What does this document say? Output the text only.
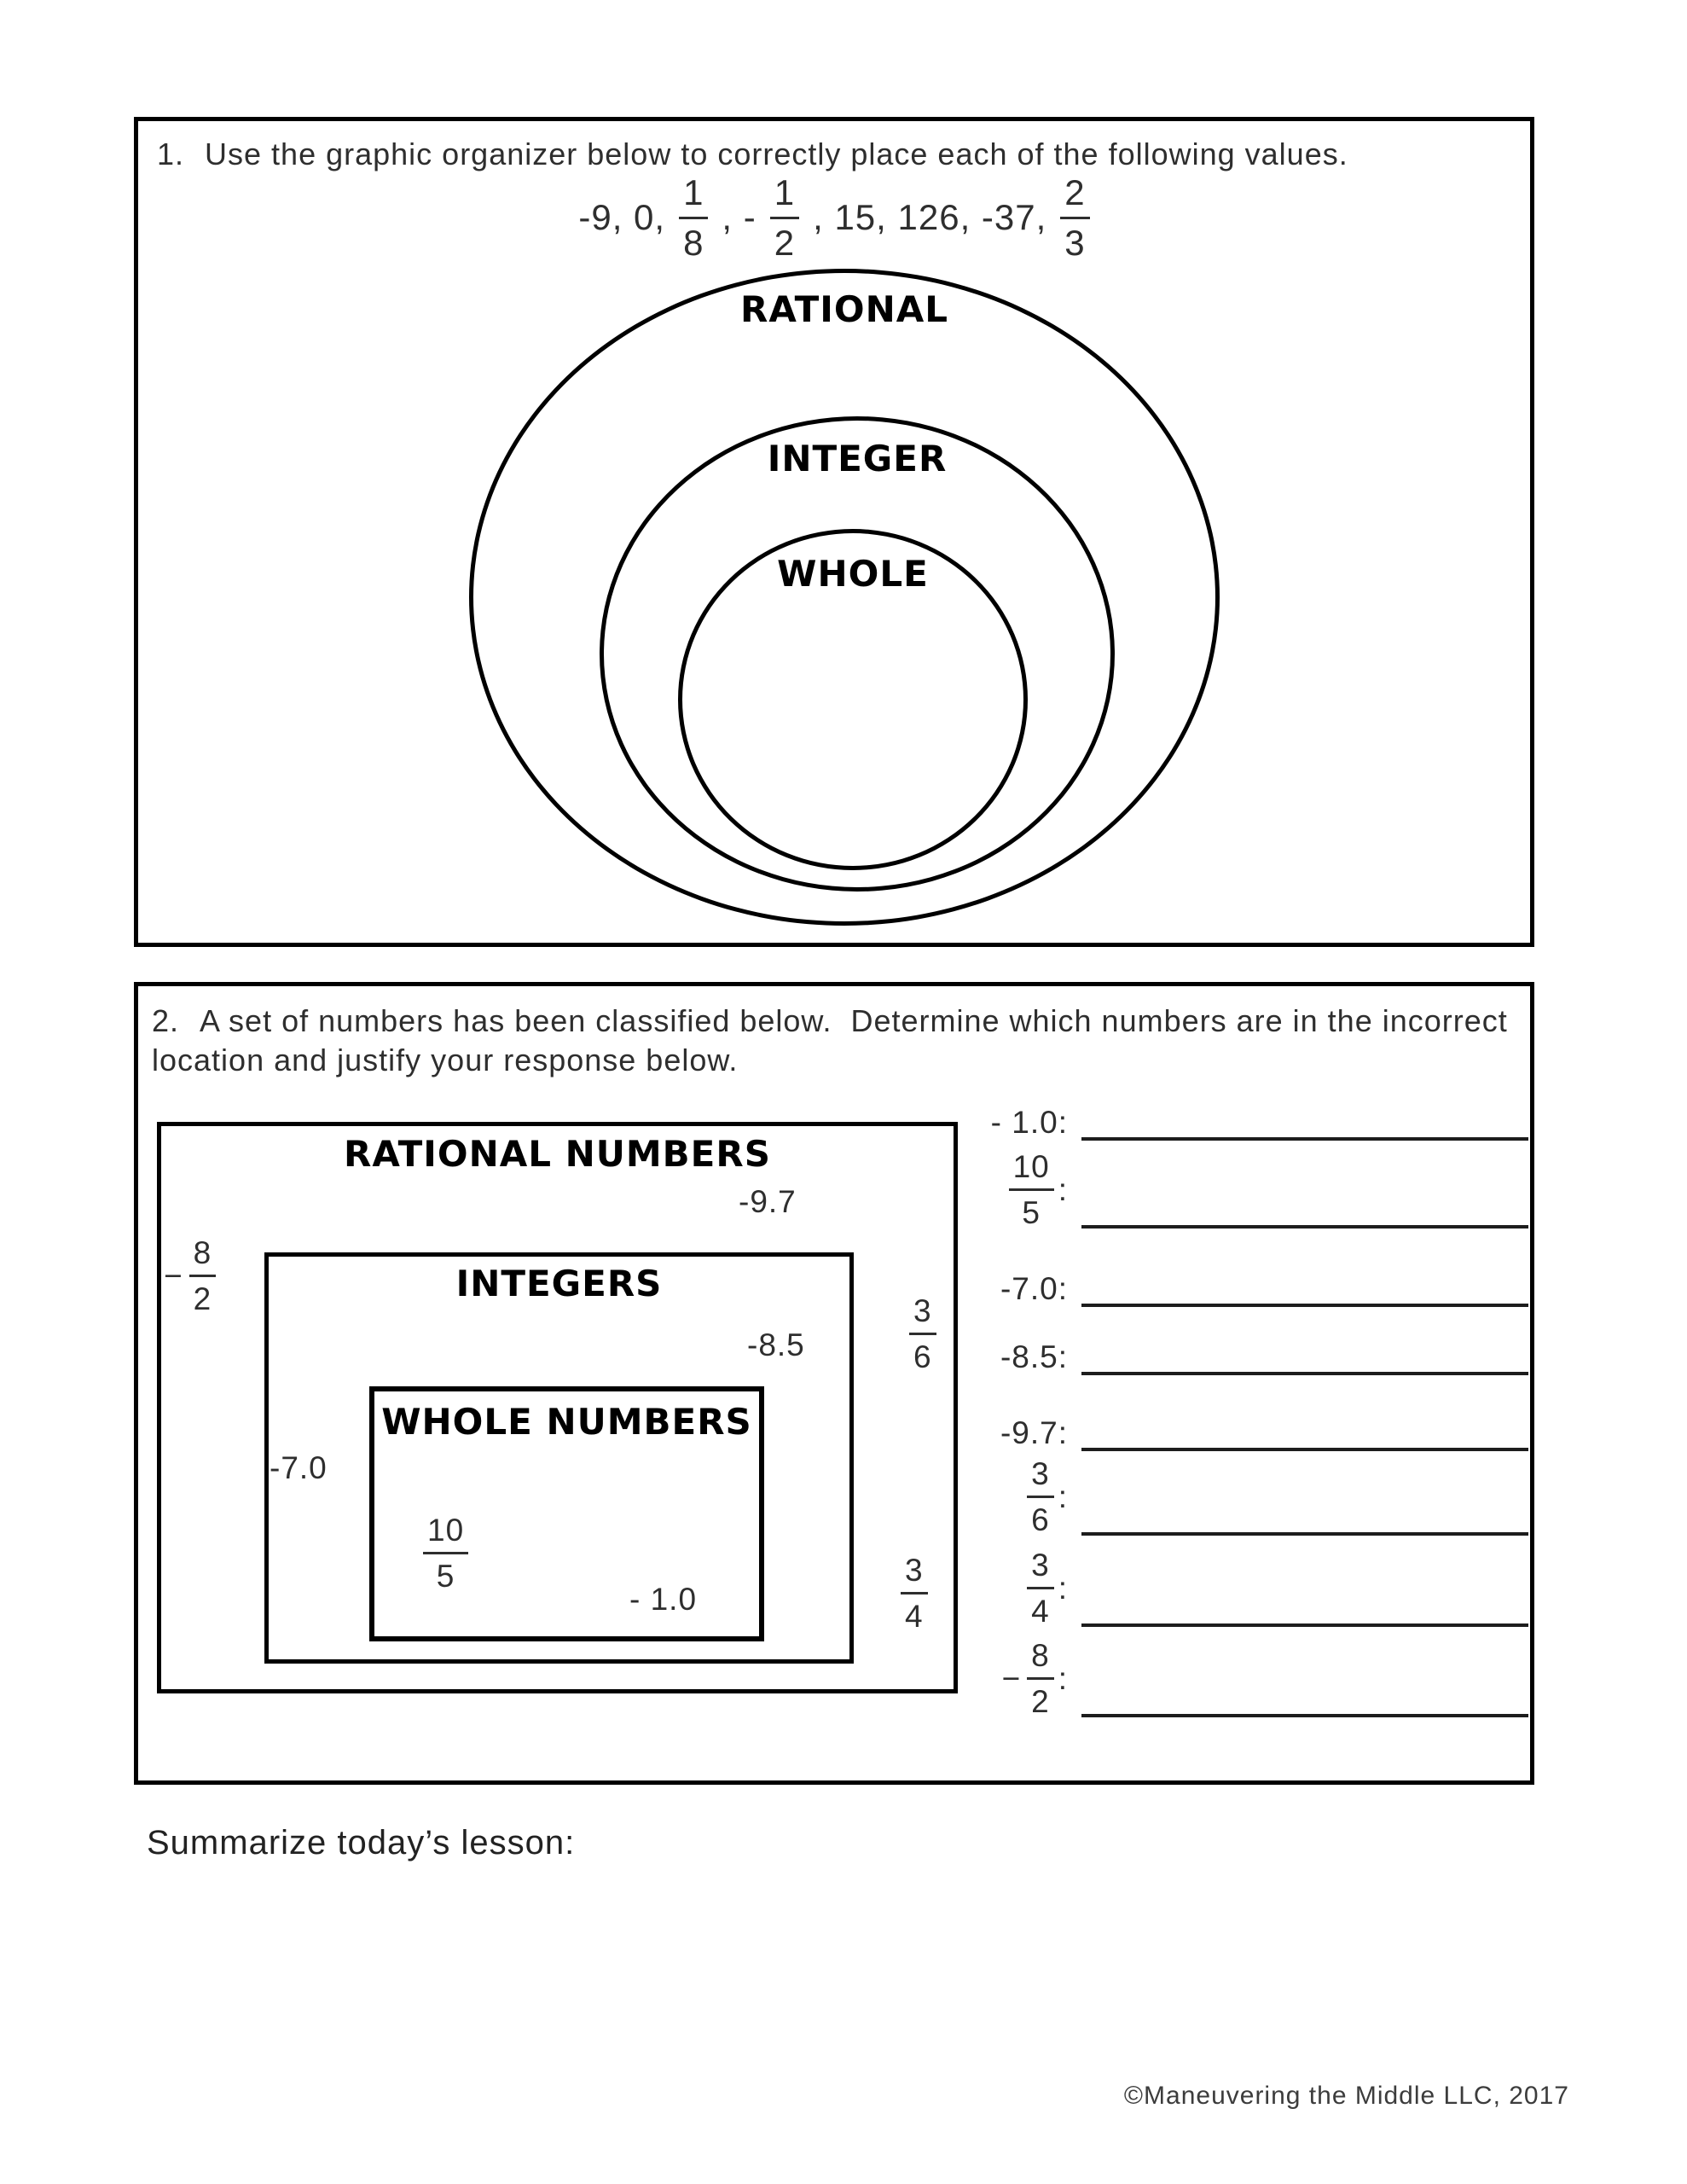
1. Use the graphic organizer below to correctly place each of the following values.
-9, 0, $\frac{1}{8}$ , - $\frac{1}{2}$ , 15, 126, -37, $\frac{2}{3}$
RATIONAL
INTEGER
WHOLE
2. A set of numbers has been classified below.  Determine which numbers are in the incorrect location and justify your response below.
RATIONAL NUMBERS
INTEGERS
WHOLE NUMBERS
-9.7
− $\frac{8}{2}$
-8.5	$\frac{3}{6}$
-7.0
$\frac{10}{5}$
- 1.0	$\frac{3}{4}$
- 1.0:
$\frac{10}{5}$ :
-7.0:
-8.5:
-9.7:
$\frac{3}{6}$ :
$\frac{3}{4}$ :
− $\frac{8}{2}$ :
Summarize today’s lesson:
©Maneuvering the Middle LLC, 2017
